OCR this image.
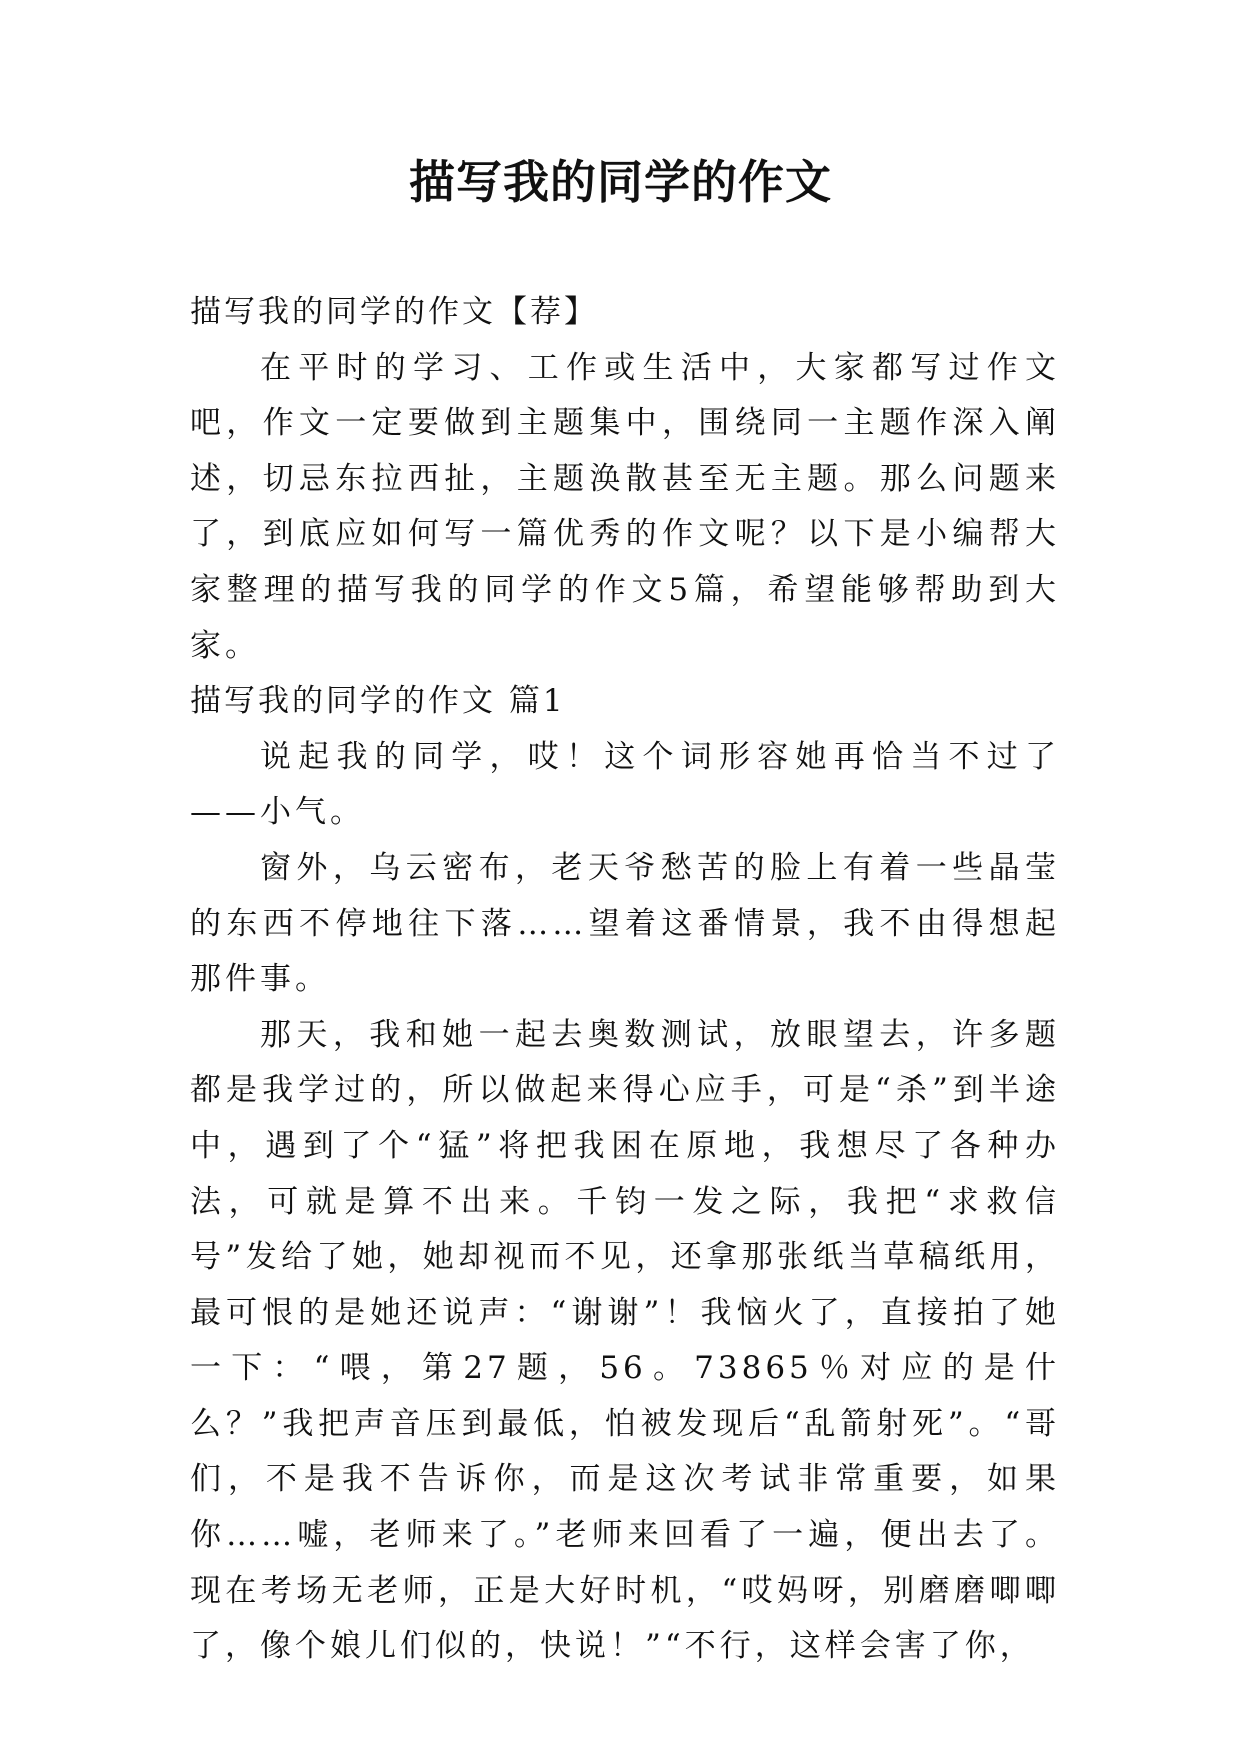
描写我的同学的作文

描写我的同学的作文【荐】

在平时的学习、工作或生活中，大家都写过作文吧，作文一定要做到主题集中，围绕同一主题作深入阐述，切忌东拉西扯，主题涣散甚至无主题。那么问题来了，到底应如何写一篇优秀的作文呢？以下是小编帮大家整理的描写我的同学的作文5篇，希望能够帮助到大家。

描写我的同学的作文 篇1

说起我的同学，哎！这个词形容她再恰当不过了——小气。

窗外，乌云密布，老天爷愁苦的脸上有着一些晶莹的东西不停地往下落……望着这番情景，我不由得想起那件事。

那天，我和她一起去奥数测试，放眼望去，许多题都是我学过的，所以做起来得心应手，可是“杀”到半途中，遇到了个“猛”将把我困在原地，我想尽了各种办法，可就是算不出来。千钧一发之际，我把“求救信号”发给了她，她却视而不见，还拿那张纸当草稿纸用，最可恨的是她还说声：“谢谢”！我恼火了，直接拍了她一下：“喂，第27题，56。73865％对应的是什么？”我把声音压到最低，怕被发现后“乱箭射死”。“哥们，不是我不告诉你，而是这次考试非常重要，如果你……嘘，老师来了。”老师来回看了一遍，便出去了。现在考场无老师，正是大好时机，“哎妈呀，别磨磨唧唧了，像个娘儿们似的，快说！”“不行，这样会害了你，
